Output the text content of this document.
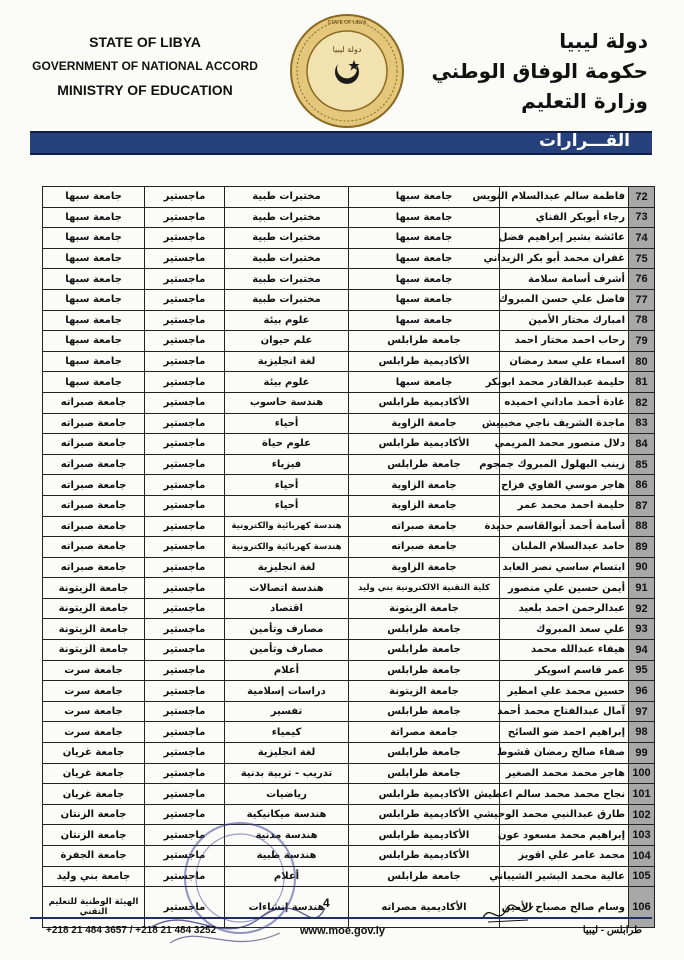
STATE OF LIBYA
GOVERNMENT OF NATIONAL ACCORD
MINISTRY OF EDUCATION
دولة ليبيا
STATE OF LIBYA
دولة ليبيا
حكومة الوفاق الوطني
وزارة التعليم
القـــرارات
جامعة سبها	ماجستير	مختبرات طبية	جامعة سبها	فاطمة سالم عبدالسلام النويس	72
جامعة سبها	ماجستير	مختبرات طبية	جامعة سبها	رجاء أبوبكر الفناي	73
جامعة سبها	ماجستير	مختبرات طبية	جامعة سبها	عائشة بشير إبراهيم فضل	74
جامعة سبها	ماجستير	مختبرات طبية	جامعة سبها	غفران محمد أبو بكر الزيداني	75
جامعة سبها	ماجستير	مختبرات طبية	جامعة سبها	أشرف أسامة سلامة	76
جامعة سبها	ماجستير	مختبرات طبية	جامعة سبها	فاضل علي حسن المبروك	77
جامعة سبها	ماجستير	علوم بيئة	جامعة سبها	امبارك مختار الأمين	78
جامعة سبها	ماجستير	علم حيوان	جامعة طرابلس	رحاب احمد مختار احمد	79
جامعة سبها	ماجستير	لغة انجليزية	الأكاديمية طرابلس	اسماء علي سعد رمضان	80
جامعة سبها	ماجستير	علوم بيئة	جامعة سبها	حليمة عبدالقادر محمد ابوبكر	81
جامعة صبراته	ماجستير	هندسة حاسوب	الأكاديمية طرابلس	غادة أحمد ماداني احميده	82
جامعة صبراته	ماجستير	أحياء	جامعة الزاوية	ماجدة الشريف ناجي مخبييش	83
جامعة صبراته	ماجستير	علوم حياة	الأكاديمية طرابلس	دلال منصور محمد المريمي	84
جامعة صبراته	ماجستير	فيزياء	جامعة طرابلس	زينب البهلول المبروك جمجوم	85
جامعة صبراته	ماجستير	أحياء	جامعة الزاوية	هاجر موسي الفاوي فزاح	86
جامعة صبراته	ماجستير	أحياء	جامعة الزاوية	حليمة احمد محمد عمر	87
جامعة صبراته	ماجستير	هندسة كهربائية والكترونية	جامعة صبراته	أسامة أحمد أبوالقاسم حديدة	88
جامعة صبراته	ماجستير	هندسة كهربائية والكترونية	جامعة صبراته	حامد عبدالسلام الملبان	89
جامعة صبراته	ماجستير	لغة انجليزية	جامعة الزاوية	ابتسام ساسي نصر العابد	90
جامعة الزيتونة	ماجستير	هندسة اتصالات	كلية التقنية الالكترونية بني وليد	أيمن حسين علي منصور	91
جامعة الزيتونة	ماجستير	اقتصاد	جامعة الزيتونة	عبدالرحمن احمد بلعيد	92
جامعة الزيتونة	ماجستير	مصارف وتأمين	جامعة طرابلس	علي سعد المبروك	93
جامعة الزيتونة	ماجستير	مصارف وتأمين	جامعة طرابلس	هيفاء عبدالله محمد	94
جامعة سرت	ماجستير	أعلام	جامعة طرابلس	عمر قاسم اسويكر	95
جامعة سرت	ماجستير	دراسات إسلامية	جامعة الزيتونة	حسين محمد علي امطير	96
جامعة سرت	ماجستير	تفسير	جامعة طرابلس	آمال عبدالفتاح محمد أحمد	97
جامعة سرت	ماجستير	كيمياء	جامعة مصراتة	إبراهيم احمد ضو السائح	98
جامعة غريان	ماجستير	لغة انجليزية	جامعة طرابلس	صفاء صالح رمضان قشوط	99
جامعة غريان	ماجستير	تدريب - تربية بدنية	جامعة طرابلس	هاجر محمد محمد الصغير	100
جامعة غريان	ماجستير	رياضيات	الأكاديمية طرابلس	نجاح محمد محمد سالم اعطيش	101
جامعة الزنتان	ماجستير	هندسة ميكانيكية	الأكاديمية طرابلس	طارق عبدالنبي محمد الوحيشي	102
جامعة الزنتان	ماجستير	هندسة مدنية	الأكاديمية طرابلس	إبراهيم محمد مسعود عون	103
جامعة الجفرة	ماجستير	هندسة طبية	الأكاديمية طرابلس	محمد عامر علي اقويز	104
جامعة بني وليد	ماجستير	أعلام	جامعة طرابلس	عالية محمد البشير الشيباني	105
الهيئة الوطنية للتعليم التقني	ماجستير	هندسة إنشاءات	الأكاديمية مصراته	وسام صالح مصباح الأمين	106
4
+218 21 484 3657 / +218 21 484 3252	www.moe.gov.ly	طرابلس - ليبيا
